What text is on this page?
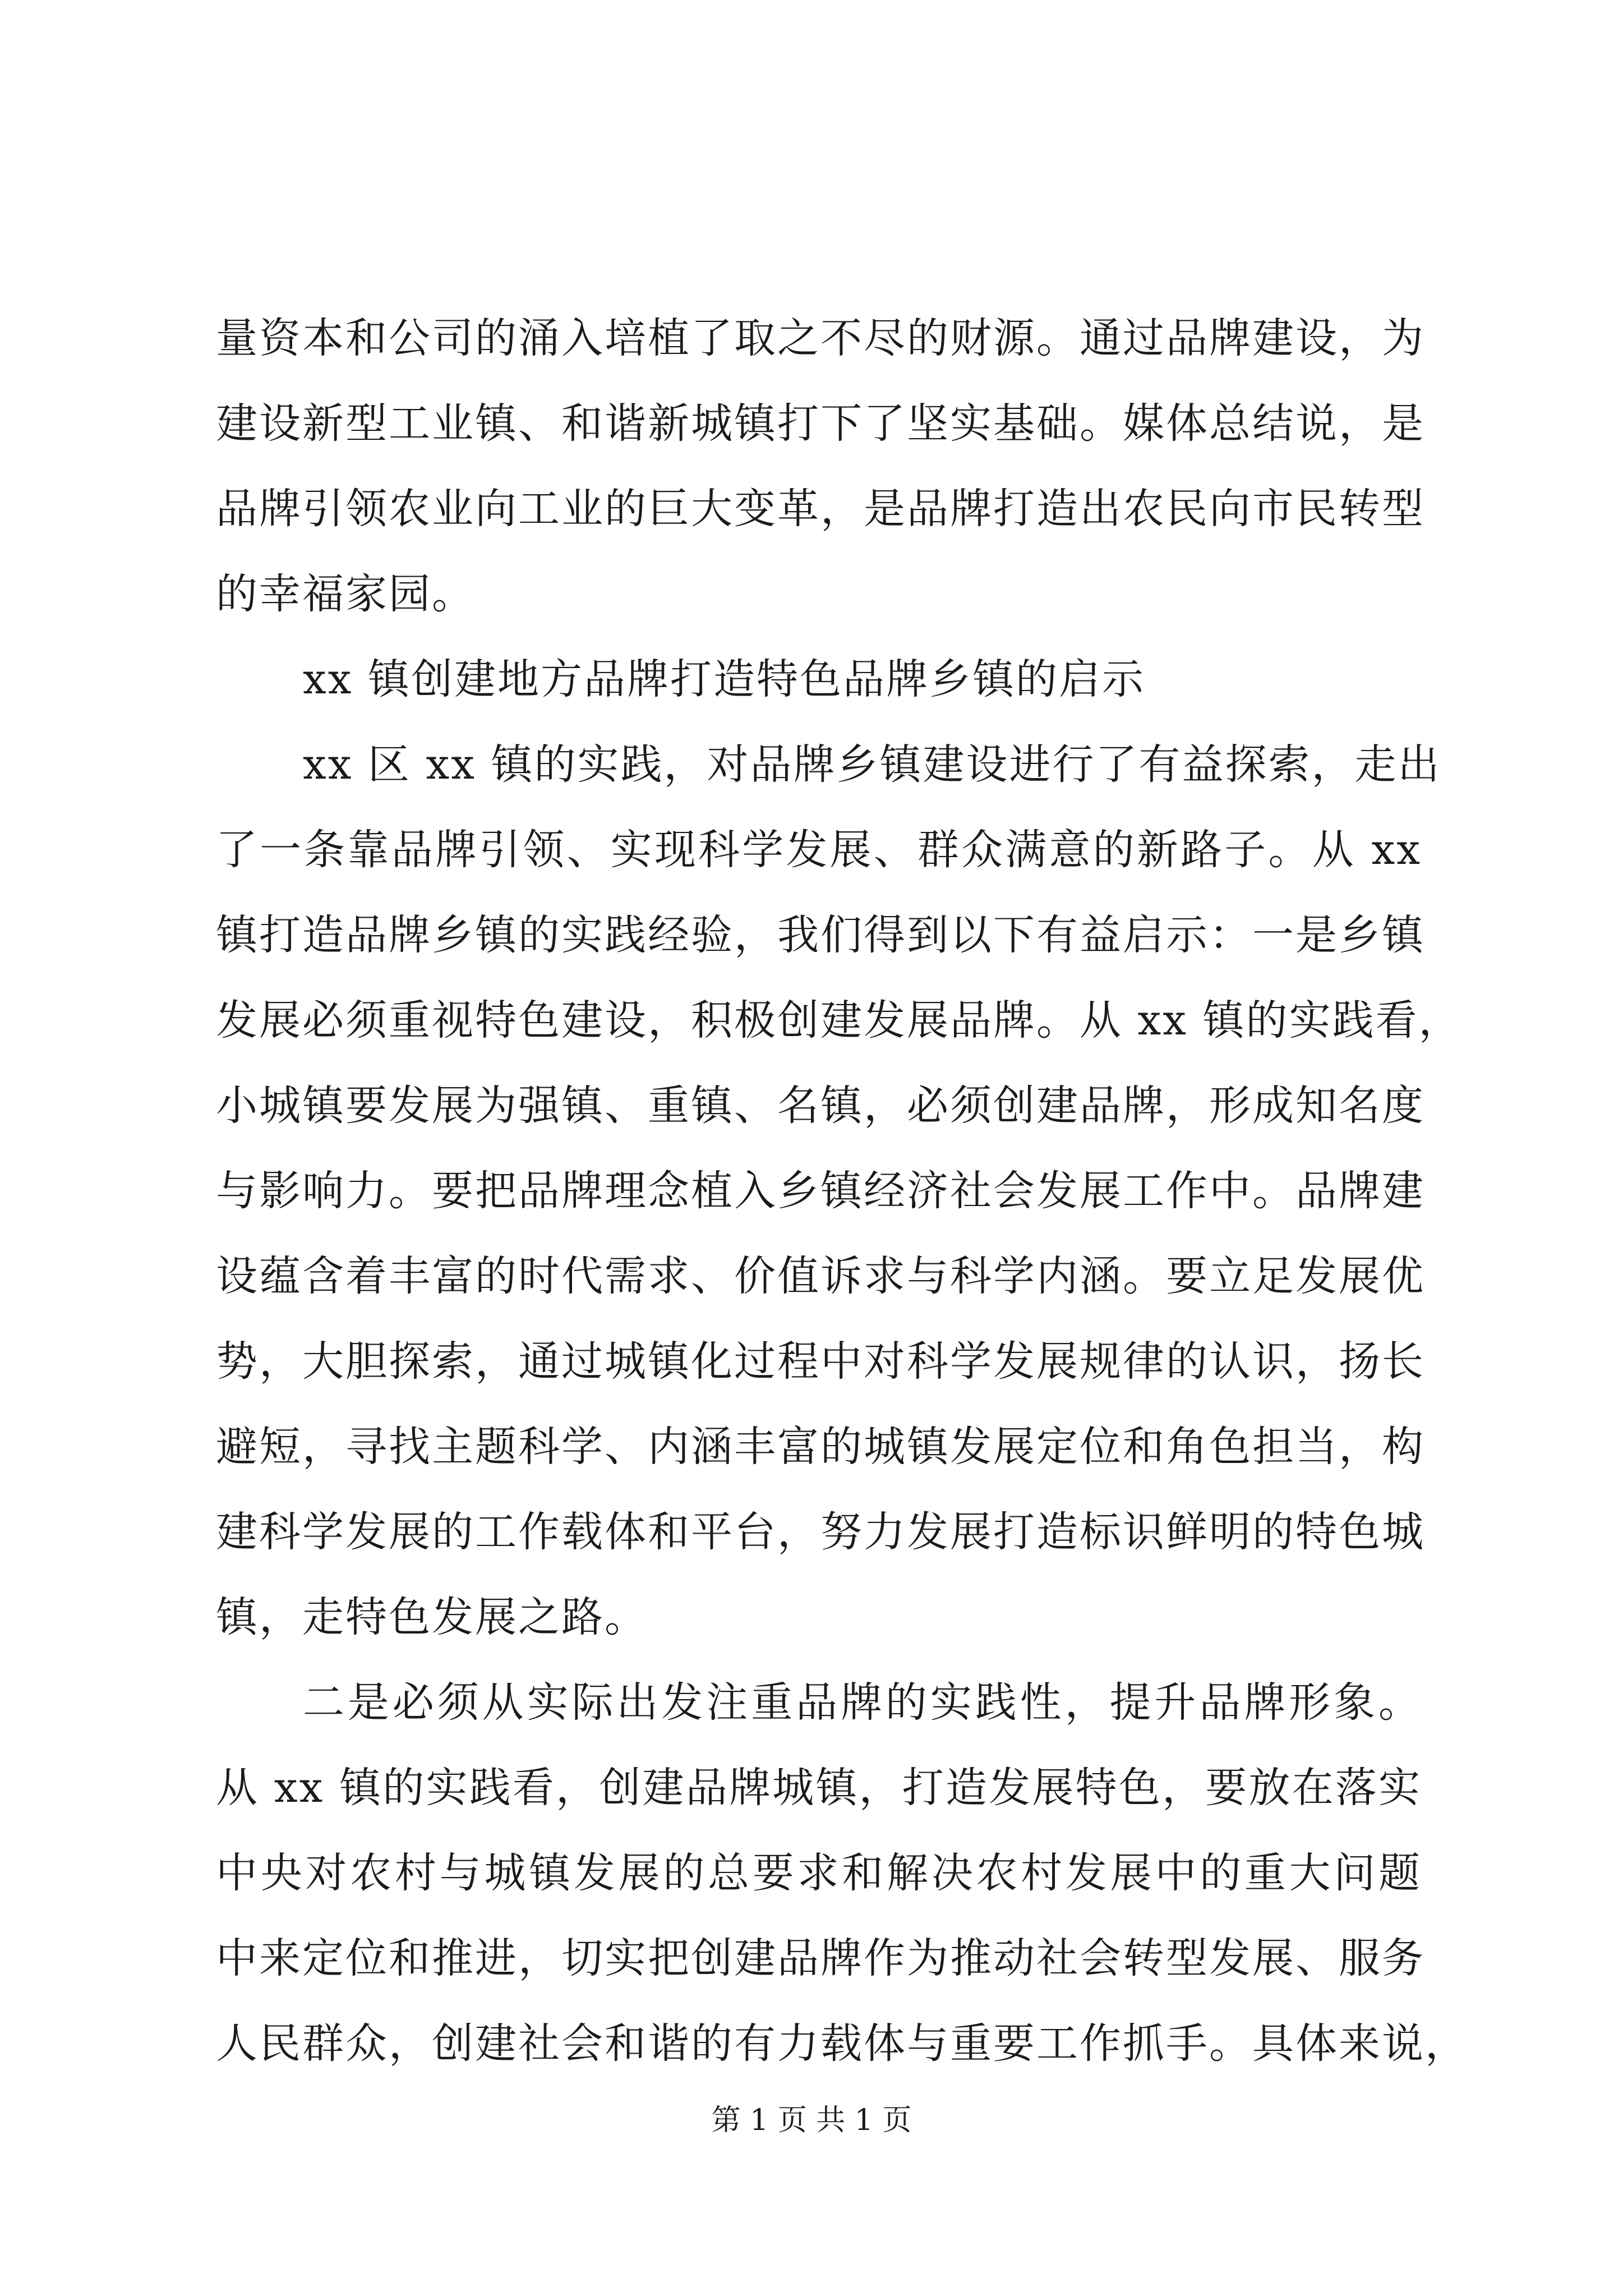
量资本和公司的涌入培植了取之不尽的财源。通过品牌建设，为
建设新型工业镇、和谐新城镇打下了坚实基础。媒体总结说，是
品牌引领农业向工业的巨大变革，是品牌打造出农民向市民转型
的幸福家园。
xx 镇创建地方品牌打造特色品牌乡镇的启示
xx 区 xx 镇的实践，对品牌乡镇建设进行了有益探索，走出
了一条靠品牌引领、实现科学发展、群众满意的新路子。从 xx
镇打造品牌乡镇的实践经验，我们得到以下有益启示：一是乡镇
发展必须重视特色建设，积极创建发展品牌。从 xx 镇的实践看，
小城镇要发展为强镇、重镇、名镇，必须创建品牌，形成知名度
与影响力。要把品牌理念植入乡镇经济社会发展工作中。品牌建
设蕴含着丰富的时代需求、价值诉求与科学内涵。要立足发展优
势，大胆探索，通过城镇化过程中对科学发展规律的认识，扬长
避短，寻找主题科学、内涵丰富的城镇发展定位和角色担当，构
建科学发展的工作载体和平台，努力发展打造标识鲜明的特色城
镇，走特色发展之路。
二是必须从实际出发注重品牌的实践性，提升品牌形象。
从 xx 镇的实践看，创建品牌城镇，打造发展特色，要放在落实
中央对农村与城镇发展的总要求和解决农村发展中的重大问题
中来定位和推进，切实把创建品牌作为推动社会转型发展、服务
人民群众，创建社会和谐的有力载体与重要工作抓手。具体来说，
第 1 页 共 1 页
